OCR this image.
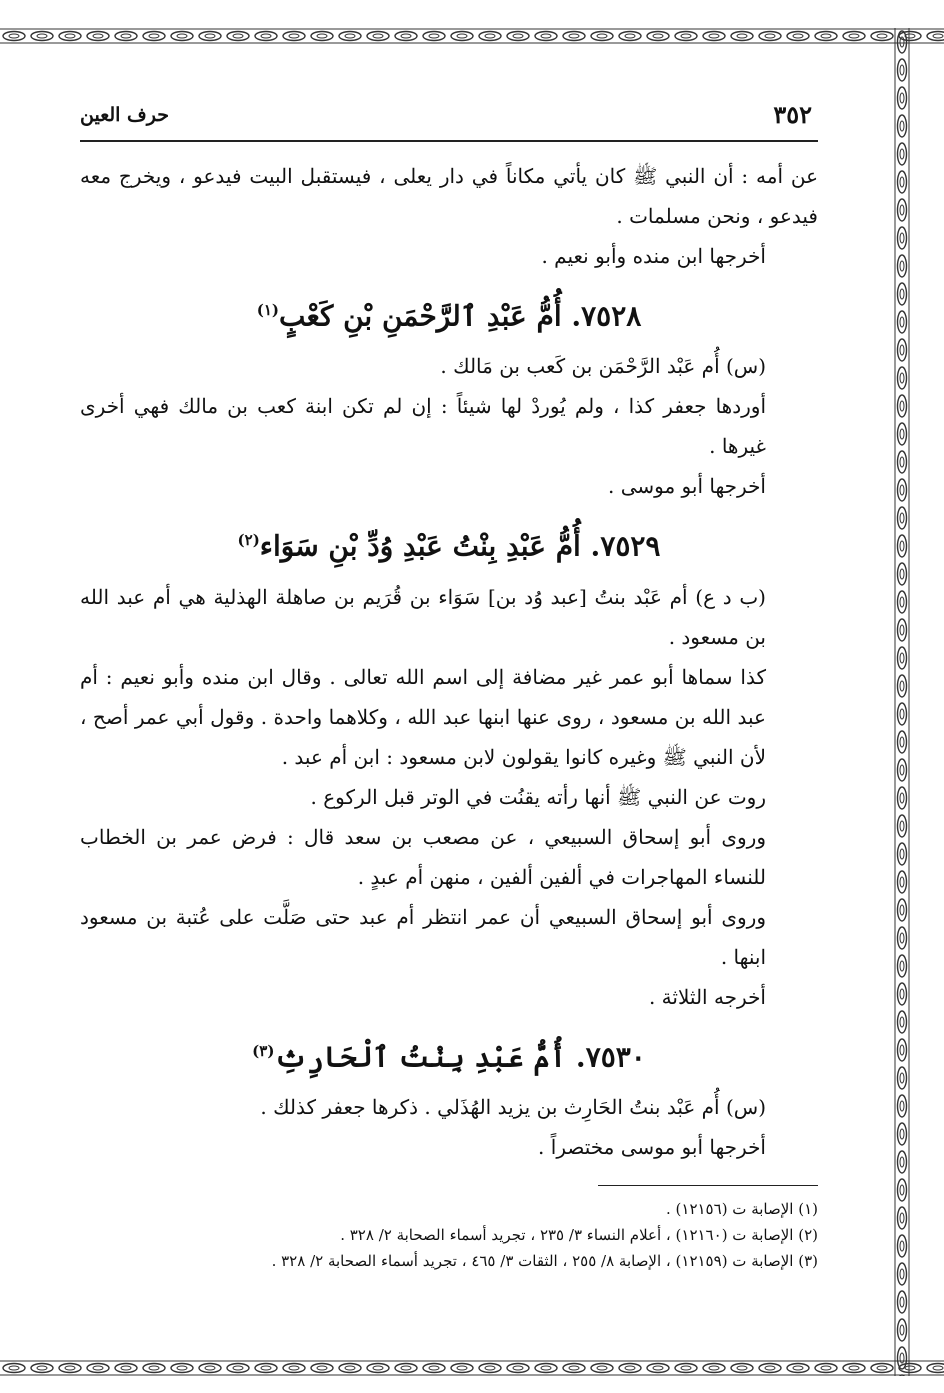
٣٥٢
حرف العين

عن أمه : أن النبي ﷺ كان يأتي مكاناً في دار يعلى ، فيستقبل البيت فيدعو ، ويخرج معه فيدعو ، ونحن مسلمات .

أخرجها ابن منده وأبو نعيم .

٧٥٢٨. أُمُّ عَبْدِ ٱلرَّحْمَنِ بْنِ كَعْبٍ$^{(١)}$

(س) أُم عَبْد الرَّحْمَن بن كَعب بن مَالك .

أوردها جعفر كذا ، ولم يُوردْ لها شيئاً : إن لم تكن ابنة كعب بن مالك فهي أخرى غيرها .

أخرجها أبو موسى .

٧٥٢٩. أُمُّ عَبْدِ بِنْتُ عَبْدِ وُدِّ بْنِ سَوَاء$^{(٢)}$

(ب د ع) أم عَبْد بنتُ [عبد وُد بن] سَوَاء بن قُرَيم بن صاهلة الهذلية هي أم عبد الله بن مسعود .

كذا سماها أبو عمر غير مضافة إلى اسم الله تعالى . وقال ابن منده وأبو نعيم : أم عبد الله بن مسعود ، روى عنها ابنها عبد الله ، وكلاهما واحدة . وقول أبي عمر أصح ، لأن النبي ﷺ وغيره كانوا يقولون لابن مسعود : ابن أم عبد .

روت عن النبي ﷺ أنها رأته يقنُت في الوتر قبل الركوع .

وروى أبو إسحاق السبيعي ، عن مصعب بن سعد قال : فرض عمر بن الخطاب للنساء المهاجرات في ألفين ألفين ، منهن أم عبدٍ .

وروى أبو إسحاق السبيعي أن عمر انتظر أم عبد حتى صَلَّت على عُتبة بن مسعود ابنها .

أخرجه الثلاثة .

٧٥٣٠. أُمُّ عَبْدِ بِنْتُ ٱلْحَارِثِ$^{(٣)}$

(س) أُم عَبْد بنتُ الحَارِث بن يزيد الهُذَلي . ذكرها جعفر كذلك .

أخرجها أبو موسى مختصراً .

(١) الإصابة ت (١٢١٥٦) .

(٢) الإصابة ت (١٢١٦٠) ، أعلام النساء ٣/ ٢٣٥ ، تجريد أسماء الصحابة ٢/ ٣٢٨ .

(٣) الإصابة ت (١٢١٥٩) ، الإصابة ٨/ ٢٥٥ ، الثقات ٣/ ٤٦٥ ، تجريد أسماء الصحابة ٢/ ٣٢٨ .
